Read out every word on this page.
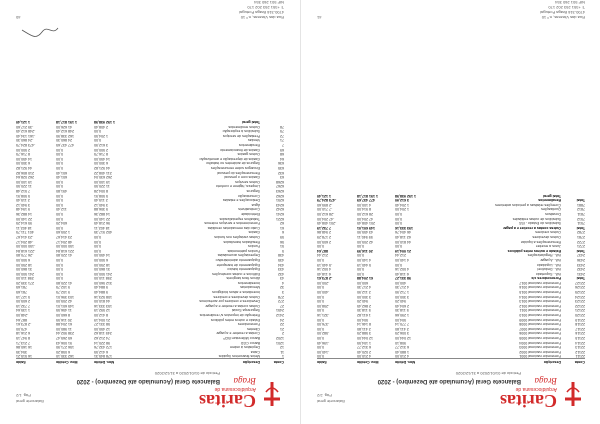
Caritas
Arquidiocesana de
Braga
Balancete geral
Pág. 1/2
Balancete Geral (Acumulado até Dezembro) - 2020
Período de 01/01/2020 a 31/12/2020
Conta
Descrição
Mov. Débito
Mov. Crédito
Saldo
1
Meios financeiros líquidos
178 845,31
162 330,10
16 515,21
11
Caixa
6 412,55
6 058,20
354,35
12
Depósitos à ordem
172 432,76
156 271,90
16 160,86
1201
Banco CGD
98 220,14
91 006,43
7 213,71
1202
Banco Millennium BCP
74 212,62
65 265,47
8 947,15
2
Contas a receber e a pagar
245 118,62
238 902,44
6 216,18
21
Clientes
12 450,00
11 980,00
470,00
22
Fornecedores
58 331,27
61 204,88
-2 873,61
24
Estado e outros entes públicos
21 004,19
20 116,55
887,64
2412
Retenção de impostos s/ rendimentos
8 412,00
8 660,00
-248,00
2451
Segurança Social
12 592,19
11 456,55
1 135,64
27
Outras contas a receber e a pagar
153 333,16
145 601,01
7 732,15
272
Devedores e credores por acréscimos
44 810,00
42 205,00
2 605,00
278
Outros devedores e credores
108 523,16
103 396,01
5 127,15
3
Inventários e ativos biológicos
9 884,40
9 102,75
781,65
32
Mercadorias
9 884,40
9 102,75
781,65
4
Investimentos
312 560,00
41 220,80
271 339,20
43
Ativos fixos tangíveis
298 110,00
0,00
298 110,00
432
Edifícios e outras construções
241 500,00
0,00
241 500,00
433
Equipamento básico
31 860,00
0,00
31 860,00
434
Equipamento de transporte
18 250,00
0,00
18 250,00
435
Equipamento administrativo
6 500,00
0,00
6 500,00
438
Depreciações acumuladas
14 450,00
41 220,80
-26 770,80
5
Fundos patrimoniais
0,00
221 618,84
-221 618,84
51
Fundos
0,00
150 000,00
-150 000,00
56
Resultados transitados
0,00
48 204,17
-48 204,17
59
Outras variações nos fundos
0,00
23 414,67
-23 414,67
6
Gastos
402 917,35
1 205,60
401 711,75
61
Custo das mercadorias vendidas
18 402,11
0,00
18 402,11
62
Fornecimentos e serviços externos
96 218,45
604,20
95 614,25
6221
Trabalhos especializados
22 140,00
0,00
22 140,00
6241
Eletricidade
14 882,36
0,00
14 882,36
6242
Combustíveis
9 306,88
112,40
9 194,48
6243
Água
3 940,12
0,00
3 940,12
6251
Deslocações e estadas
2 115,40
0,00
2 115,40
6262
Comunicação
5 508,91
0,00
5 508,91
6263
Seguros
8 004,28
491,80
7 512,48
6267
Limpeza, higiene e conforto
11 220,50
0,00
11 220,50
6268
Outros serviços
19 100,00
0,00
19 100,00
63
Gastos com o pessoal
262 630,04
601,40
262 028,64
632
Remunerações do pessoal
211 408,22
601,40
210 806,82
635
Encargos sobre remunerações
44 921,82
0,00
44 921,82
636
Seguros de acidentes no trabalho
6 300,00
0,00
6 300,00
64
Gastos de depreciação e amortização
14 450,00
0,00
14 450,00
68
Outros gastos
8 716,75
0,00
8 716,75
69
Gastos de financiamento
2 500,00
0,00
2 500,00
7
Rendimentos
3 612,90
477 437,65
-473 824,75
71
Vendas
0,00
24 860,30
-24 860,30
72
Prestações de serviços
1 204,50
162 338,90
-161 134,40
75
Subsídios à exploração
0,00
248 612,45
-248 612,45
78
Outros rendimentos
2 408,40
41 626,00
-39 217,60
Total geral
1 152 938,58
1 151 817,18
1 121,40
Rua das Várzeas, n.º 10
4700-316 Braga Portugal
T: +351 253 202 170
NIF 501 260 354
40
Caritas
Arquidiocesana de
Braga
Balancete geral
Pág. 2/2
Balancete Geral (Acumulado até Dezembro) - 2020
Período de 01/01/2020 a 31/12/2020
Conta
Descrição
Mov. Débito
Mov. Crédito
Saldo
22111
Fornecedor nacional 0001
4 210,00
4 210,00
0,00
22112
Fornecedor nacional 0002
1 880,40
2 020,40
-140,00
22113
Fornecedor nacional 0003
6 312,77
6 312,77
0,00
22114
Fornecedor nacional 0004
908,10
1 104,55
-196,45
22115
Fornecedor nacional 0005
12 044,00
12 044,00
0,00
22116
Fornecedor nacional 0006
3 006,25
3 588,25
-582,00
22117
Fornecedor nacional 0007
2 411,80
2 411,80
0,00
22118
Fornecedor nacional 0008
7 770,14
8 146,14
-376,00
22119
Fornecedor nacional 0009
504,00
504,00
0,00
22120
Fornecedor nacional 0010
1 290,66
1 611,82
-321,16
22121
Fornecedor nacional 0011
5 118,30
5 118,30
0,00
22122
Fornecedor nacional 0012
2 604,45
2 862,45
-258,00
22123
Fornecedor nacional 0013
940,20
940,20
0,00
22124
Fornecedor nacional 0014
3 300,00
3 300,00
0,00
22125
Fornecedor nacional 0015
1 712,90
2 112,90
-400,00
22126
Fornecedor nacional 0016
4 217,30
4 217,30
0,00
22127
Fornecedor nacional 0017
400,00
600,00
-200,00
Total
Fornecedores c/c
58 331,27
61 204,88
-2 873,61
2431
IVA - Suportado
6 118,40
0,00
6 118,40
2432
IVA - Dedutível
4 002,16
0,00
4 002,16
2433
IVA - Liquidado
0,00
5 440,19
-5 440,19
2436
IVA - A pagar
4 140,00
4 140,00
0,00
2437
IVA - Regularizações
212,44
0,00
212,44
Total
Estado e outros entes públicos
21 004,19
20 116,55
887,64
2721
Juros a receber
0,00
0,00
0,00
2722
Remunerações a liquidar
44 810,00
42 205,00
2 605,00
2781
Outros devedores
62 118,40
59 940,11
2 178,29
2782
Outros credores
46 404,76
43 455,90
2 948,86
Total
Outras contas a receber e a pagar
153 333,16
145 601,01
7 732,15
7511
Subsídios do Estado - ISS
0,00
201 408,45
-201 408,45
7512
Subsídios de outras entidades
0,00
47 204,00
-47 204,00
7811
Donativos
0,00
28 612,00
-28 612,00
7812
Quotizações
1 204,00
8 914,00
-7 710,00
7881
Correções relativas a períodos anteriores
1 204,40
4 100,00
-2 895,60
Total
Rendimentos
3 612,90
477 437,65
-473 824,75
Total geral
1 152 938,58
1 151 817,18
1 121,40
Rua das Várzeas, n.º 10
4700-316 Braga Portugal
T: +351 253 202 170
NIF 501 260 354
41
